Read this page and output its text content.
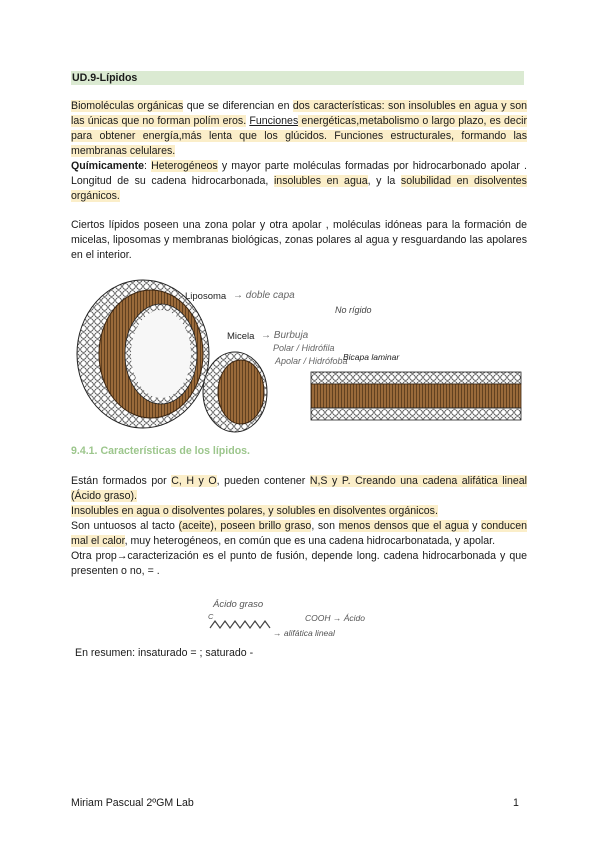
UD.9-Lípidos

Biomoléculas orgánicas que se diferencian en dos características: son insolubles en agua y son las únicas que no forman polím eros. Funciones energéticas,metabolismo o largo plazo, es decir para obtener energía,más lenta que los glúcidos. Funciones estructurales, formando las membranas celulares.

Químicamente: Heterogéneos y mayor parte moléculas formadas por hidrocarbonado apolar . Longitud de su cadena hidrocarbonada, insolubles en agua, y la solubilidad en disolventes orgánicos.

Ciertos lípidos poseen una zona polar y otra apolar , moléculas idóneas para la formación de micelas, liposomas y membranas biológicas, zonas polares al agua y resguardando las apolares en el interior.

Liposoma → doble capa
No rígido
Micela → Burbuja
Polar / Hidrófila
Apolar / Hidrófoba
Bicapa laminar
9.4.1. Características de los lípidos.

Están formados por C, H y O, pueden contener N,S y P. Creando una cadena alifática lineal (Ácido graso).

Insolubles en agua o disolventes polares, y solubles en disolventes orgánicos.

Son untuosos al tacto (aceite), poseen brillo graso, son menos densos que el agua y conducen mal el calor, muy heterogéneos, en común que es una cadena hidrocarbonatada, y apolar.

Otra prop→caracterización es el punto de fusión, depende long. cadena hidrocarbonada y que presenten o no, = .

Ácido graso
C	COOH → Ácido
→ alifática lineal
En resumen: insaturado = ; saturado -
Miriam Pascual 2ºGM Lab	1
